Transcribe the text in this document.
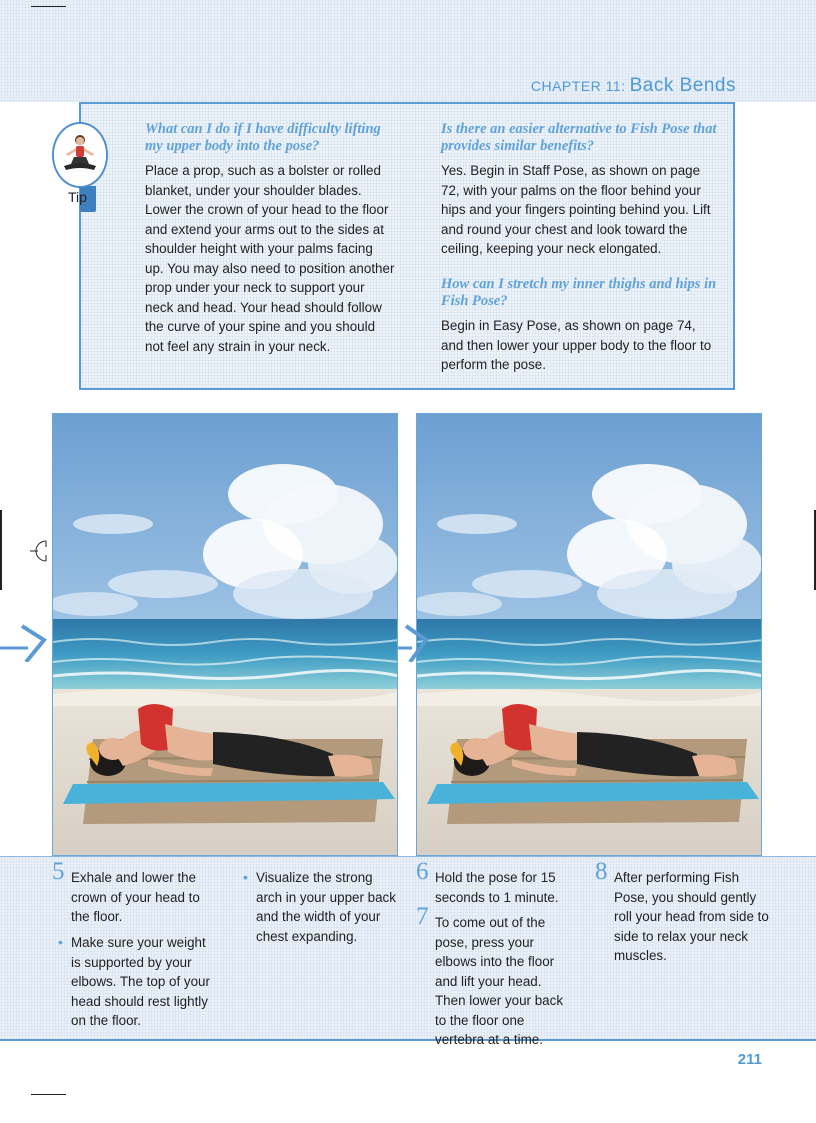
CHAPTER 11: Back Bends
Tip
What can I do if I have difficulty lifting my upper body into the pose?

Place a prop, such as a bolster or rolled blanket, under your shoulder blades. Lower the crown of your head to the floor and extend your arms out to the sides at shoulder height with your palms facing up. You may also need to position another prop under your neck to support your neck and head. Your head should follow the curve of your spine and you should not feel any strain in your neck.

Is there an easier alternative to Fish Pose that provides similar benefits?

Yes. Begin in Staff Pose, as shown on page 72, with your palms on the floor behind your hips and your fingers pointing behind you. Lift and round your chest and look toward the ceiling, keeping your neck elongated.

How can I stretch my inner thighs and hips in Fish Pose?

Begin in Easy Pose, as shown on page 74, and then lower your upper body to the floor to perform the pose.

5 Exhale and lower the crown of your head to the floor.
• Make sure your weight is supported by your elbows. The top of your head should rest lightly on the floor.
• Visualize the strong arch in your upper back and the width of your chest expanding.
6 Hold the pose for 15 seconds to 1 minute.
7 To come out of the pose, press your elbows into the floor and lift your head. Then lower your back to the floor one vertebra at a time.
8 After performing Fish Pose, you should gently roll your head from side to side to relax your neck muscles.
211
